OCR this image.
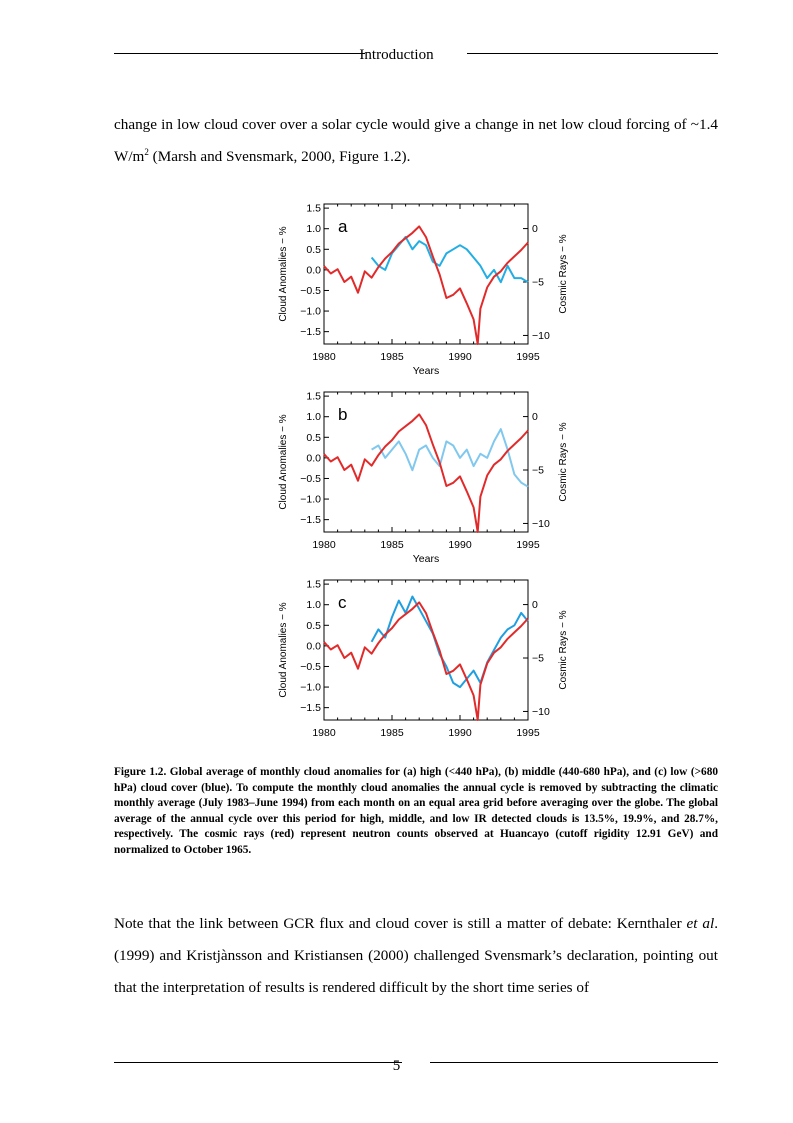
Introduction

change in low cloud cover over a solar cycle would give a change in net low cloud forcing of ~1.4 $W/m^2$ (Marsh and Svensmark, 2000, Figure 1.2).

1980	1985	1990	1995
1.5
1.0
0.5
0.0
−0.5
−1.0
−1.5
0
−5
−10
Cloud Anomalies − %	Cosmic Rays − %
Years
a
1980	1985	1990	1995
1.5
1.0
0.5
0.0
−0.5
−1.0
−1.5
0
−5
−10
Cloud Anomalies − %	Cosmic Rays − %
Years
b
1980	1985	1990	1995
1.5
1.0
0.5
0.0
−0.5
−1.0
−1.5
0
−5
−10
Cloud Anomalies − %	Cosmic Rays − %
c

Figure 1.2. Global average of monthly cloud anomalies for (a) high (<440 hPa), (b) middle (440-680 hPa), and (c) low (>680 hPa) cloud cover (blue). To compute the monthly cloud anomalies the annual cycle is removed by subtracting the climatic monthly average (July 1983–June 1994) from each month on an equal area grid before averaging over the globe. The global average of the annual cycle over this period for high, middle, and low IR detected clouds is 13.5%, 19.9%, and 28.7%, respectively. The cosmic rays (red) represent neutron counts observed at Huancayo (cutoff rigidity 12.91 GeV) and normalized to October 1965.

Note that the link between GCR flux and cloud cover is still a matter of debate: Kernthaler et al. (1999) and Kristjànsson and Kristiansen (2000) challenged Svensmark’s declaration, pointing out that the interpretation of results is rendered difficult by the short time series of

5
